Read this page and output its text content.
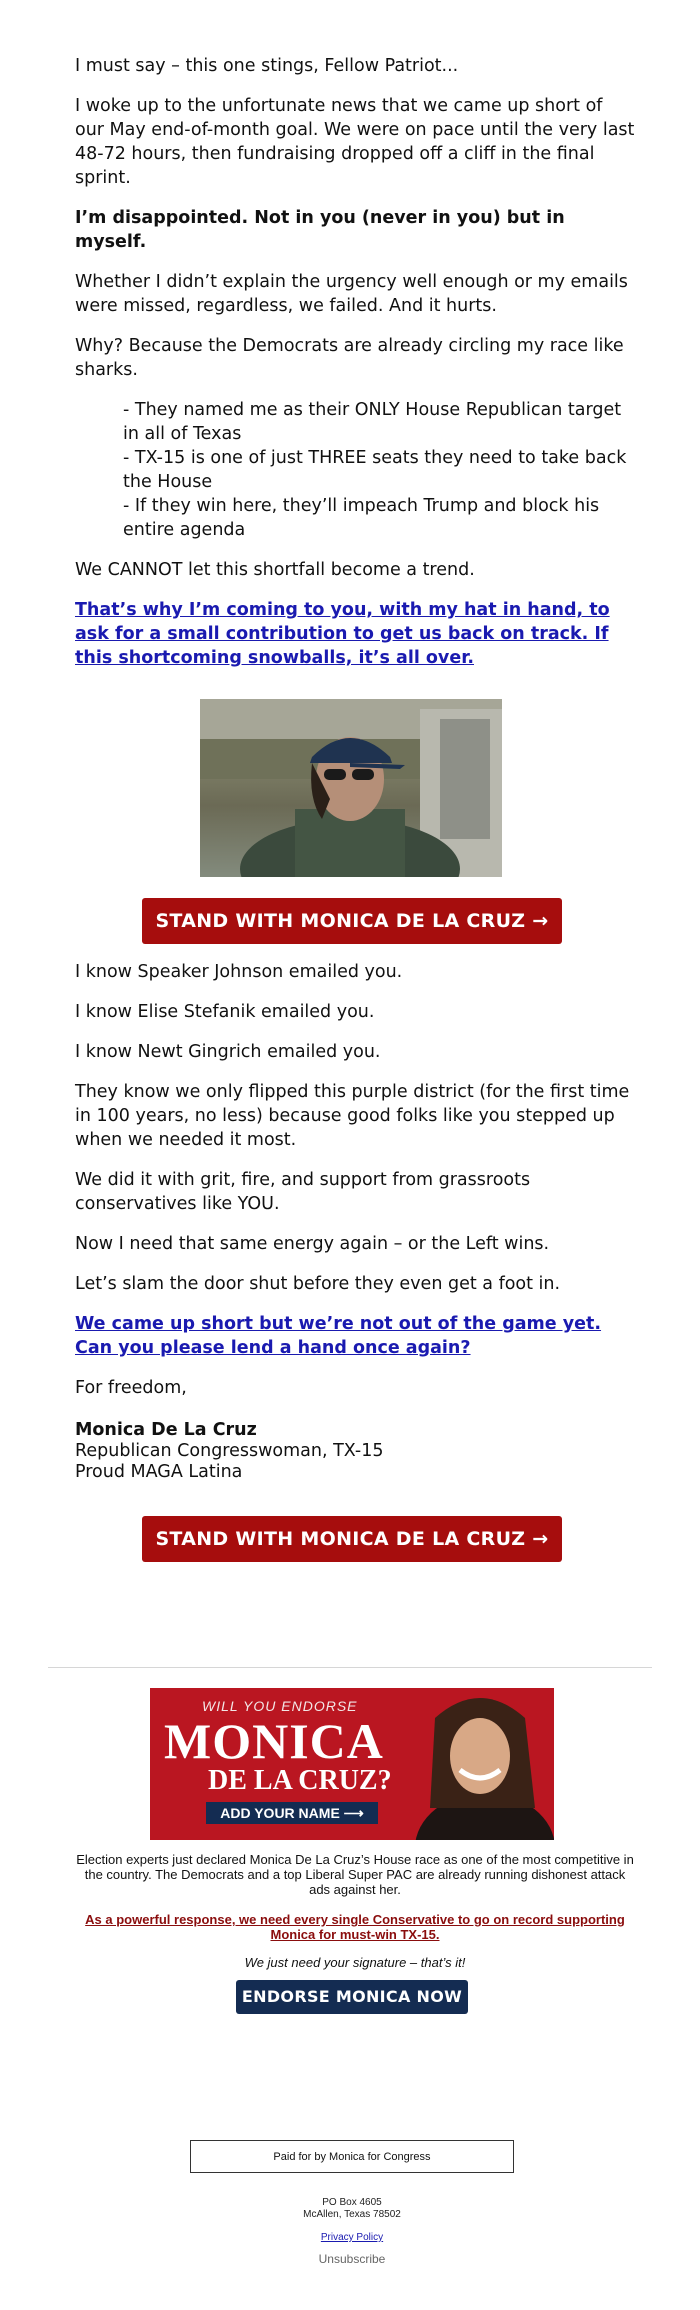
I must say – this one stings, Fellow Patriot...

I woke up to the unfortunate news that we came up short of our May end-of-month goal. We were on pace until the very last 48-72 hours, then fundraising dropped off a cliff in the final sprint.

I’m disappointed. Not in you (never in you) but in myself.

Whether I didn’t explain the urgency well enough or my emails were missed, regardless, we failed. And it hurts.

Why? Because the Democrats are already circling my race like sharks.

- They named me as their ONLY House Republican target in all of Texas
- TX-15 is one of just THREE seats they need to take back the House
- If they win here, they’ll impeach Trump and block his entire agenda

We CANNOT let this shortfall become a trend.

That’s why I’m coming to you, with my hat in hand, to ask for a small contribution to get us back on track. If this shortcoming snowballs, it’s all over.

STAND WITH MONICA DE LA CRUZ →

I know Speaker Johnson emailed you.

I know Elise Stefanik emailed you.

I know Newt Gingrich emailed you.

They know we only flipped this purple district (for the first time in 100 years, no less) because good folks like you stepped up when we needed it most.

We did it with grit, fire, and support from grassroots conservatives like YOU.

Now I need that same energy again – or the Left wins.

Let’s slam the door shut before they even get a foot in.

We came up short but we’re not out of the game yet. Can you please lend a hand once again?

For freedom,

Monica De La Cruz
Republican Congresswoman, TX-15
Proud MAGA Latina
STAND WITH MONICA DE LA CRUZ →
WILL YOU ENDORSE
MONICA
DE LA CRUZ?
ADD YOUR NAME ⟶
Election experts just declared Monica De La Cruz’s House race as one of the most competitive in the country. The Democrats and a top Liberal Super PAC are already running dishonest attack ads against her.
As a powerful response, we need every single Conservative to go on record supporting Monica for must-win TX-15.
We just need your signature – that’s it!
ENDORSE MONICA NOW
Paid for by Monica for Congress
PO Box 4605
McAllen, Texas 78502
Privacy Policy
Unsubscribe
